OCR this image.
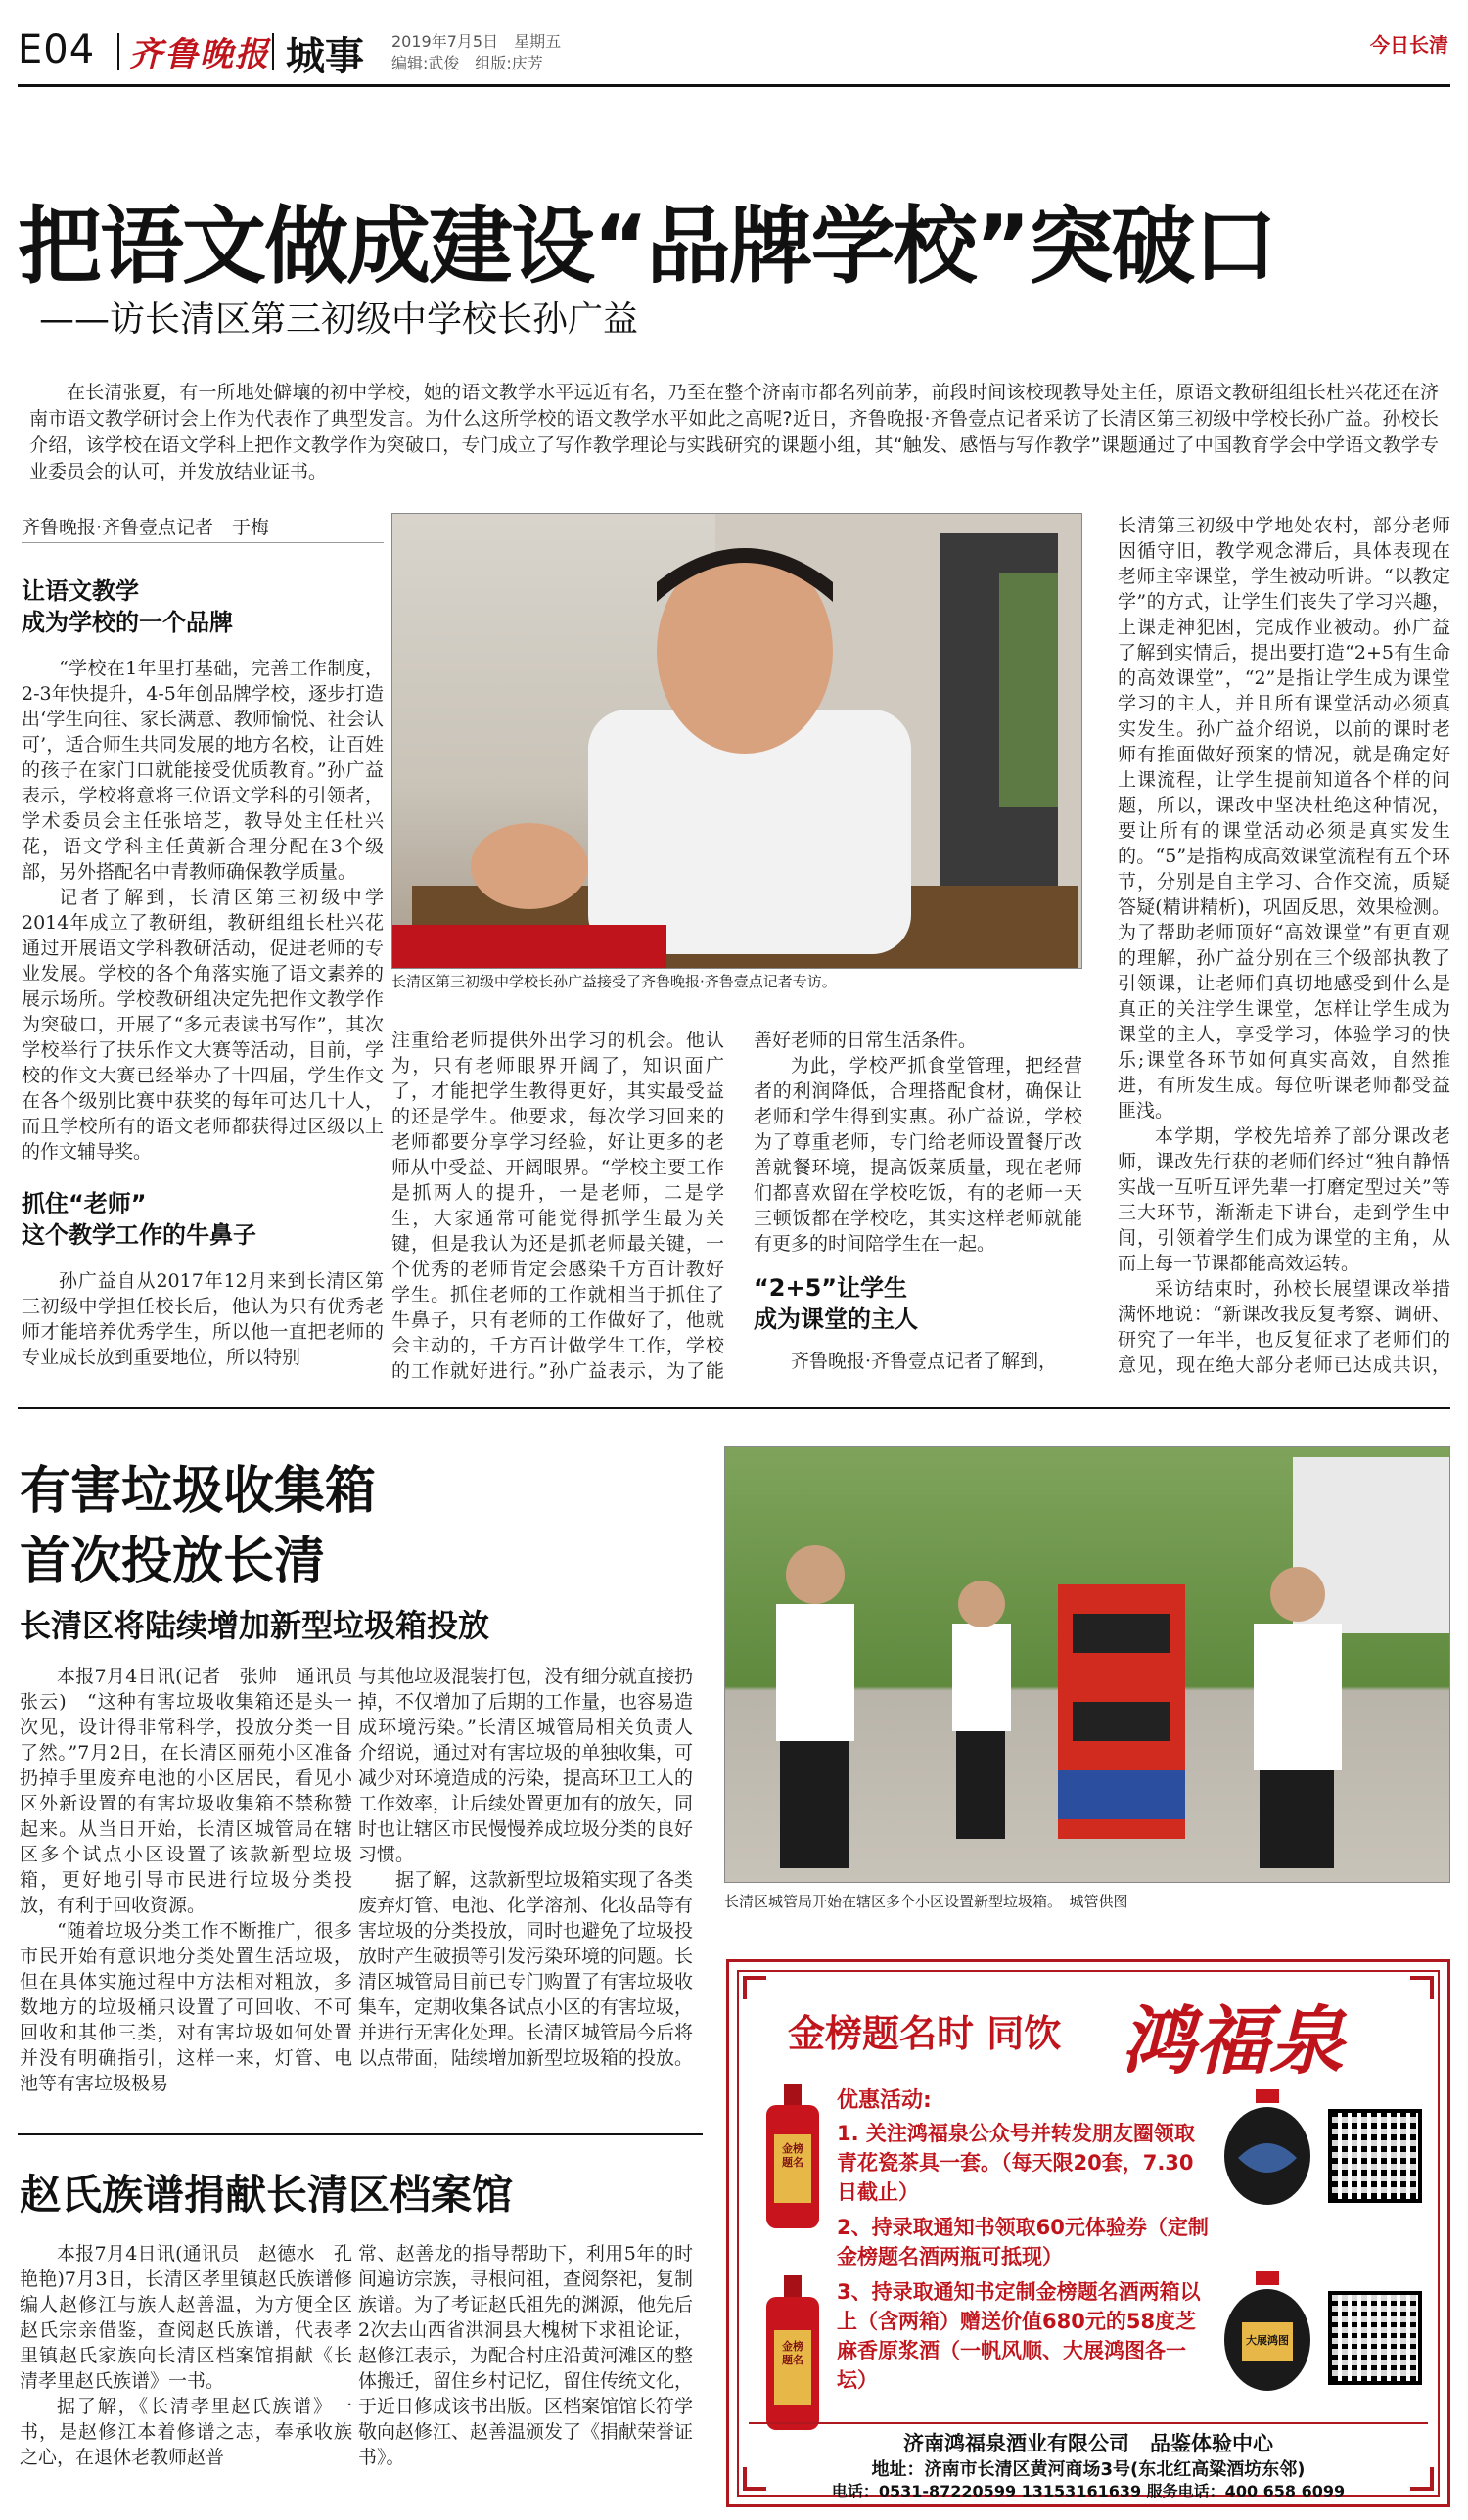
E04 齐鲁晚报 城事 2019年7月5日　星期五
编辑:武俊　组版:庆芳
今日长清
把语文做成建设“品牌学校”突破口
——访长清区第三初级中学校长孙广益
在长清张夏，有一所地处僻壤的初中学校，她的语文教学水平远近有名，乃至在整个济南市都名列前茅，前段时间该校现教导处主任，原语文教研组组长杜兴花还在济南市语文教学研讨会上作为代表作了典型发言。为什么这所学校的语文教学水平如此之高呢?近日，齐鲁晚报·齐鲁壹点记者采访了长清区第三初级中学校长孙广益。孙校长介绍，该学校在语文学科上把作文教学作为突破口，专门成立了写作教学理论与实践研究的课题小组，其“触发、感悟与写作教学”课题通过了中国教育学会中学语文教学专业委员会的认可，并发放结业证书。
齐鲁晚报·齐鲁壹点记者　于梅
让语文教学
成为学校的一个品牌

“学校在1年里打基础，完善工作制度，2-3年快提升，4-5年创品牌学校，逐步打造出‘学生向往、家长满意、教师愉悦、社会认可’，适合师生共同发展的地方名校，让百姓的孩子在家门口就能接受优质教育。”孙广益表示，学校将意将三位语文学科的引领者，学术委员会主任张培芝，教导处主任杜兴花，语文学科主任黄新合理分配在3个级部，另外搭配名中青教师确保教学质量。

记者了解到，长清区第三初级中学2014年成立了教研组，教研组组长杜兴花通过开展语文学科教研活动，促进老师的专业发展。学校的各个角落实施了语文素养的展示场所。学校教研组决定先把作文教学作为突破口，开展了“多元表读书写作”，其次学校举行了扶乐作文大赛等活动，目前，学校的作文大赛已经举办了十四届，学生作文在各个级别比赛中获奖的每年可达几十人，而且学校所有的语文老师都获得过区级以上的作文辅导奖。

抓住“老师”
这个教学工作的牛鼻子

孙广益自从2017年12月来到长清区第三初级中学担任校长后，他认为只有优秀老师才能培养优秀学生，所以他一直把老师的专业成长放到重要地位，所以特别

长清区第三初级中学校长孙广益接受了齐鲁晚报·齐鲁壹点记者专访。

注重给老师提供外出学习的机会。他认为，只有老师眼界开阔了，知识面广了，才能把学生教得更好，其实最受益的还是学生。他要求，每次学习回来的老师都要分享学习经验，好让更多的老师从中受益、开阔眼界。“学校主要工作是抓两人的提升，一是老师，二是学生，大家通常可能觉得抓学生最为关键，但是我认为还是抓老师最关键，一个优秀的老师肯定会感染千方百计教好学生。抓住老师的工作就相当于抓住了牛鼻子，只有老师的工作做好了，他就会主动的，千方百计做学生工作，学校的工作就好进行。”孙广益表示，为了能

善好老师的日常生活条件。

为此，学校严抓食堂管理，把经营者的利润降低，合理搭配食材，确保让老师和学生得到实惠。孙广益说，学校为了尊重老师，专门给老师设置餐厅改善就餐环境，提高饭菜质量，现在老师们都喜欢留在学校吃饭，有的老师一天三顿饭都在学校吃，其实这样老师就能有更多的时间陪学生在一起。

“2+5”让学生
成为课堂的主人

齐鲁晚报·齐鲁壹点记者了解到，

长清第三初级中学地处农村，部分老师因循守旧，教学观念滞后，具体表现在老师主宰课堂，学生被动听讲。“以教定学”的方式，让学生们丧失了学习兴趣，上课走神犯困，完成作业被动。孙广益了解到实情后，提出要打造“2+5有生命的高效课堂”，“2”是指让学生成为课堂学习的主人，并且所有课堂活动必须真实发生。孙广益介绍说，以前的课时老师有推面做好预案的情况，就是确定好上课流程，让学生提前知道各个样的问题，所以，课改中坚决杜绝这种情况，要让所有的课堂活动必须是真实发生的。“5”是指构成高效课堂流程有五个环节，分别是自主学习、合作交流，质疑答疑(精讲精析)，巩固反思，效果检测。为了帮助老师顶好“高效课堂”有更直观的理解，孙广益分别在三个级部执教了引领课，让老师们真切地感受到什么是真正的关注学生课堂，怎样让学生成为课堂的主人，享受学习，体验学习的快乐;课堂各环节如何真实高效，自然推进，有所发生成。每位听课老师都受益匪浅。

本学期，学校先培养了部分课改老师，课改先行获的老师们经过“独自静悟实战一互听互评先辈一打磨定型过关”等三大环节，渐渐走下讲台，走到学生中间，引领着学生们成为课堂的主角，从而上每一节课都能高效运转。

采访结束时，孙校长展望课改举措满怀地说：“新课改我反复考察、调研、研究了一年半，也反复征求了老师们的意见，现在绝大部分老师已达成共识，

有害垃圾收集箱
首次投放长清
长清区将陆续增加新型垃圾箱投放

本报7月4日讯(记者　张帅　通讯员　张云)　“这种有害垃圾收集箱还是头一次见，设计得非常科学，投放分类一目了然。”7月2日，在长清区丽苑小区准备扔掉手里废弃电池的小区居民，看见小区外新设置的有害垃圾收集箱不禁称赞起来。从当日开始，长清区城管局在辖区多个试点小区设置了该款新型垃圾箱，更好地引导市民进行垃圾分类投放，有利于回收资源。

“随着垃圾分类工作不断推广，很多市民开始有意识地分类处置生活垃圾，但在具体实施过程中方法相对粗放，多数地方的垃圾桶只设置了可回收、不可回收和其他三类，对有害垃圾如何处置并没有明确指引，这样一来，灯管、电池等有害垃圾极易

与其他垃圾混装打包，没有细分就直接扔掉，不仅增加了后期的工作量，也容易造成环境污染。”长清区城管局相关负责人介绍说，通过对有害垃圾的单独收集，可减少对环境造成的污染，提高环卫工人的工作效率，让后续处置更加有的放矢，同时也让辖区市民慢慢养成垃圾分类的良好习惯。

据了解，这款新型垃圾箱实现了各类废弃灯管、电池、化学溶剂、化妆品等有害垃圾的分类投放，同时也避免了垃圾投放时产生破损等引发污染环境的问题。长清区城管局目前已专门购置了有害垃圾收集车，定期收集各试点小区的有害垃圾，并进行无害化处理。长清区城管局今后将以点带面，陆续增加新型垃圾箱的投放。

长清区城管局开始在辖区多个小区设置新型垃圾箱。　城管供图
赵氏族谱捐献长清区档案馆

本报7月4日讯(通讯员　赵德水　孔艳艳)7月3日，长清区孝里镇赵氏族谱修编人赵修江与族人赵善温，为方便全区赵氏宗亲借鉴，查阅赵氏族谱，代表孝里镇赵氏家族向长清区档案馆捐献《长清孝里赵氏族谱》一书。

据了解，《长清孝里赵氏族谱》一书，是赵修江本着修谱之志，奉承收族之心，在退休老教师赵普

常、赵善龙的指导帮助下，利用5年的时间遍访宗族，寻根问祖，查阅祭祀，复制族谱。为了考证赵氏祖先的渊源，他先后2次去山西省洪洞县大槐树下求祖论证，赵修江表示，为配合村庄沿黄河滩区的整体搬迁，留住乡村记忆，留住传统文化，于近日修成该书出版。区档案馆馆长符学敬向赵修江、赵善温颁发了《捐献荣誉证书》。

金榜题名时 同饮 鸿福泉
金榜题名
金榜题名
优惠活动:
1. 关注鸿福泉公众号并转发朋友圈领取青花瓷茶具一套。（每天限20套，7.30日截止）
2、持录取通知书领取60元体验券（定制金榜题名酒两瓶可抵现）
3、持录取通知书定制金榜题名酒两箱以上（含两箱）赠送价值680元的58度芝麻香原浆酒（一帆风顺、大展鸿图各一坛）
大展鸿图
济南鸿福泉酒业有限公司　品鉴体验中心
地址：济南市长清区黄河商场3号(东北红高粱酒坊东邻)
电话：0531-87220599 13153161639 服务电话：400 658 6099
